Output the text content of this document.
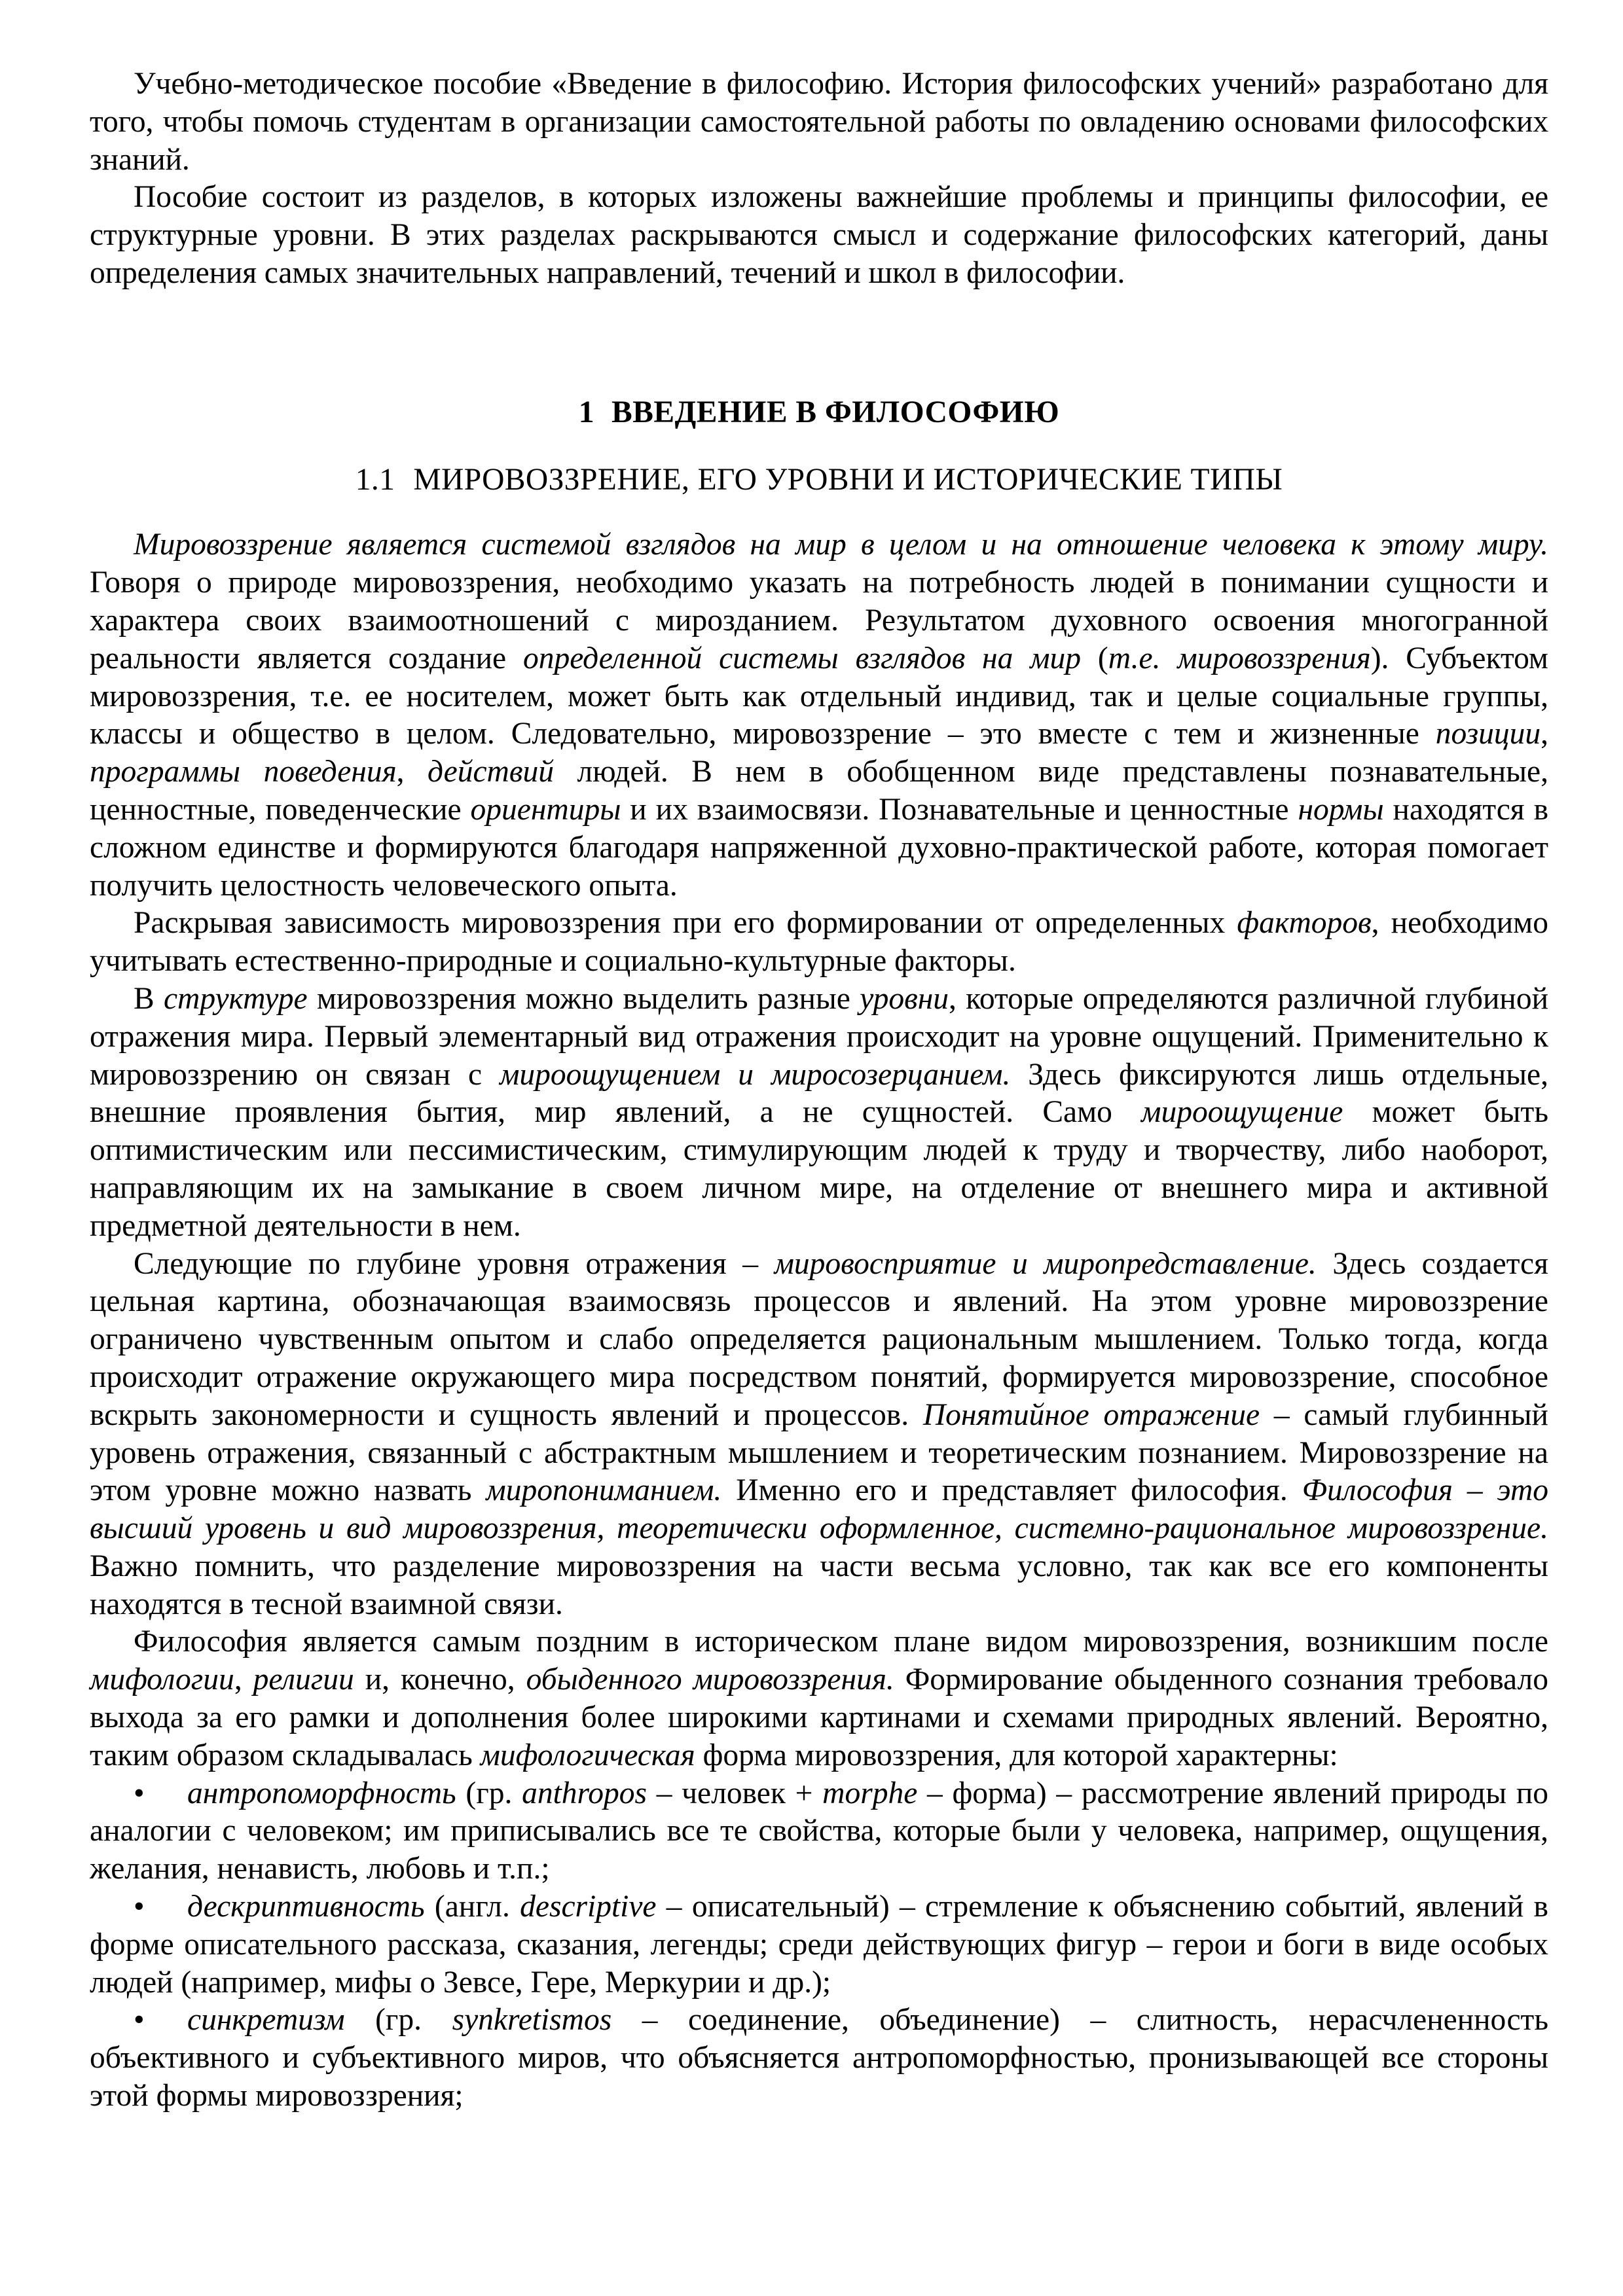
Учебно-методическое пособие «Введение в философию. История философских учений» разработано для того, чтобы помочь студентам в организации самостоятельной работы по овладению основами философских знаний.

Пособие состоит из разделов, в которых изложены важнейшие проблемы и принципы философии, ее структурные уровни. В этих разделах раскрываются смысл и содержание философских категорий, даны определения самых значительных направлений, течений и школ в философии.

1 ВВЕДЕНИЕ В ФИЛОСОФИЮ
1.1 МИРОВОЗЗРЕНИЕ, ЕГО УРОВНИ И ИСТОРИЧЕСКИЕ ТИПЫ

Мировоззрение является системой взглядов на мир в целом и на отношение человека к этому миру. Говоря о природе мировоззрения, необходимо указать на потребность людей в понимании сущности и характера своих взаимоотношений с мирозданием. Результатом духовного освоения многогранной реальности является создание определенной системы взглядов на мир (т.е. мировоззрения). Субъектом мировоззрения, т.е. ее носителем, может быть как отдельный индивид, так и целые социальные группы, классы и общество в целом. Следовательно, мировоззрение – это вместе с тем и жизненные позиции, программы поведения, действий людей. В нем в обобщенном виде представлены познавательные, ценностные, поведенческие ориентиры и их взаимосвязи. Познавательные и ценностные нормы находятся в сложном единстве и формируются благодаря напряженной духовно-практической работе, которая помогает получить целостность человеческого опыта.

Раскрывая зависимость мировоззрения при его формировании от определенных факторов, необходимо учитывать естественно-природные и социально-культурные факторы.

В структуре мировоззрения можно выделить разные уровни, которые определяются различной глубиной отражения мира. Первый элементарный вид отражения происходит на уровне ощущений. Применительно к мировоззрению он связан с мироощущением и миросозерцанием. Здесь фиксируются лишь отдельные, внешние проявления бытия, мир явлений, а не сущностей. Само мироощущение может быть оптимистическим или пессимистическим, стимулирующим людей к труду и творчеству, либо наоборот, направляющим их на замыкание в своем личном мире, на отделение от внешнего мира и активной предметной деятельности в нем.

Следующие по глубине уровня отражения – мировосприятие и миропредставление. Здесь создается цельная картина, обозначающая взаимосвязь процессов и явлений. На этом уровне мировоззрение ограничено чувственным опытом и слабо определяется рациональным мышлением. Только тогда, когда происходит отражение окружающего мира посредством понятий, формируется мировоззрение, способное вскрыть закономерности и сущность явлений и процессов. Понятийное отражение – самый глубинный уровень отражения, связанный с абстрактным мышлением и теоретическим познанием. Мировоззрение на этом уровне можно назвать миропониманием. Именно его и представляет философия. Философия – это высший уровень и вид мировоззрения, теоретически оформленное, системно-рациональное мировоззрение. Важно помнить, что разделение мировоззрения на части весьма условно, так как все его компоненты находятся в тесной взаимной связи.

Философия является самым поздним в историческом плане видом мировоззрения, возникшим после мифологии, религии и, конечно, обыденного мировоззрения. Формирование обыденного сознания требовало выхода за его рамки и дополнения более широкими картинами и схемами природных явлений. Вероятно, таким образом складывалась мифологическая форма мировоззрения, для которой характерны:

• антропоморфность (гр. anthropos – человек + morphe – форма) – рассмотрение явлений природы по аналогии с человеком; им приписывались все те свойства, которые были у человека, например, ощущения, желания, ненависть, любовь и т.п.;
• дескриптивность (англ. descriptive – описательный) – стремление к объяснению событий, явлений в форме описательного рассказа, сказания, легенды; среди действующих фигур – герои и боги в виде особых людей (например, мифы о Зевсе, Гере, Меркурии и др.);
• синкретизм (гр. synkretismos – соединение, объединение) – слитность, нерасчлененность объективного и субъективного миров, что объясняется антропоморфностью, пронизывающей все стороны этой формы мировоззрения;
